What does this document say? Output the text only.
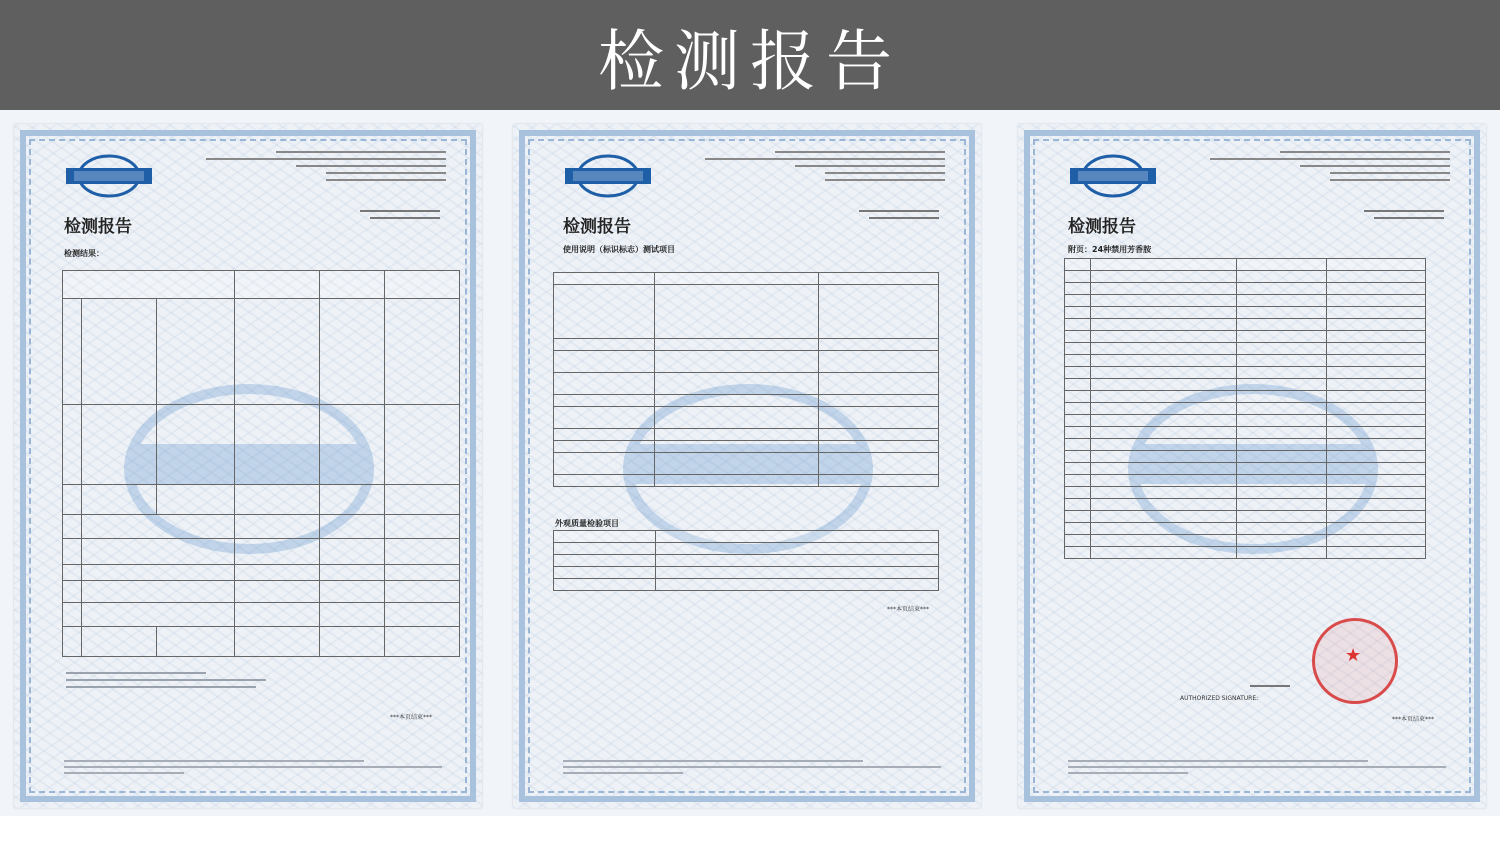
检测报告
检测报告
检测结果：

***本页结束***
检测报告
使用说明（标识标志）测试项目

外观质量检验项目

***本页结束***
检测报告
附页：24种禁用芳香胺

★
AUTHORIZED SIGNATURE:
***本页结束***
